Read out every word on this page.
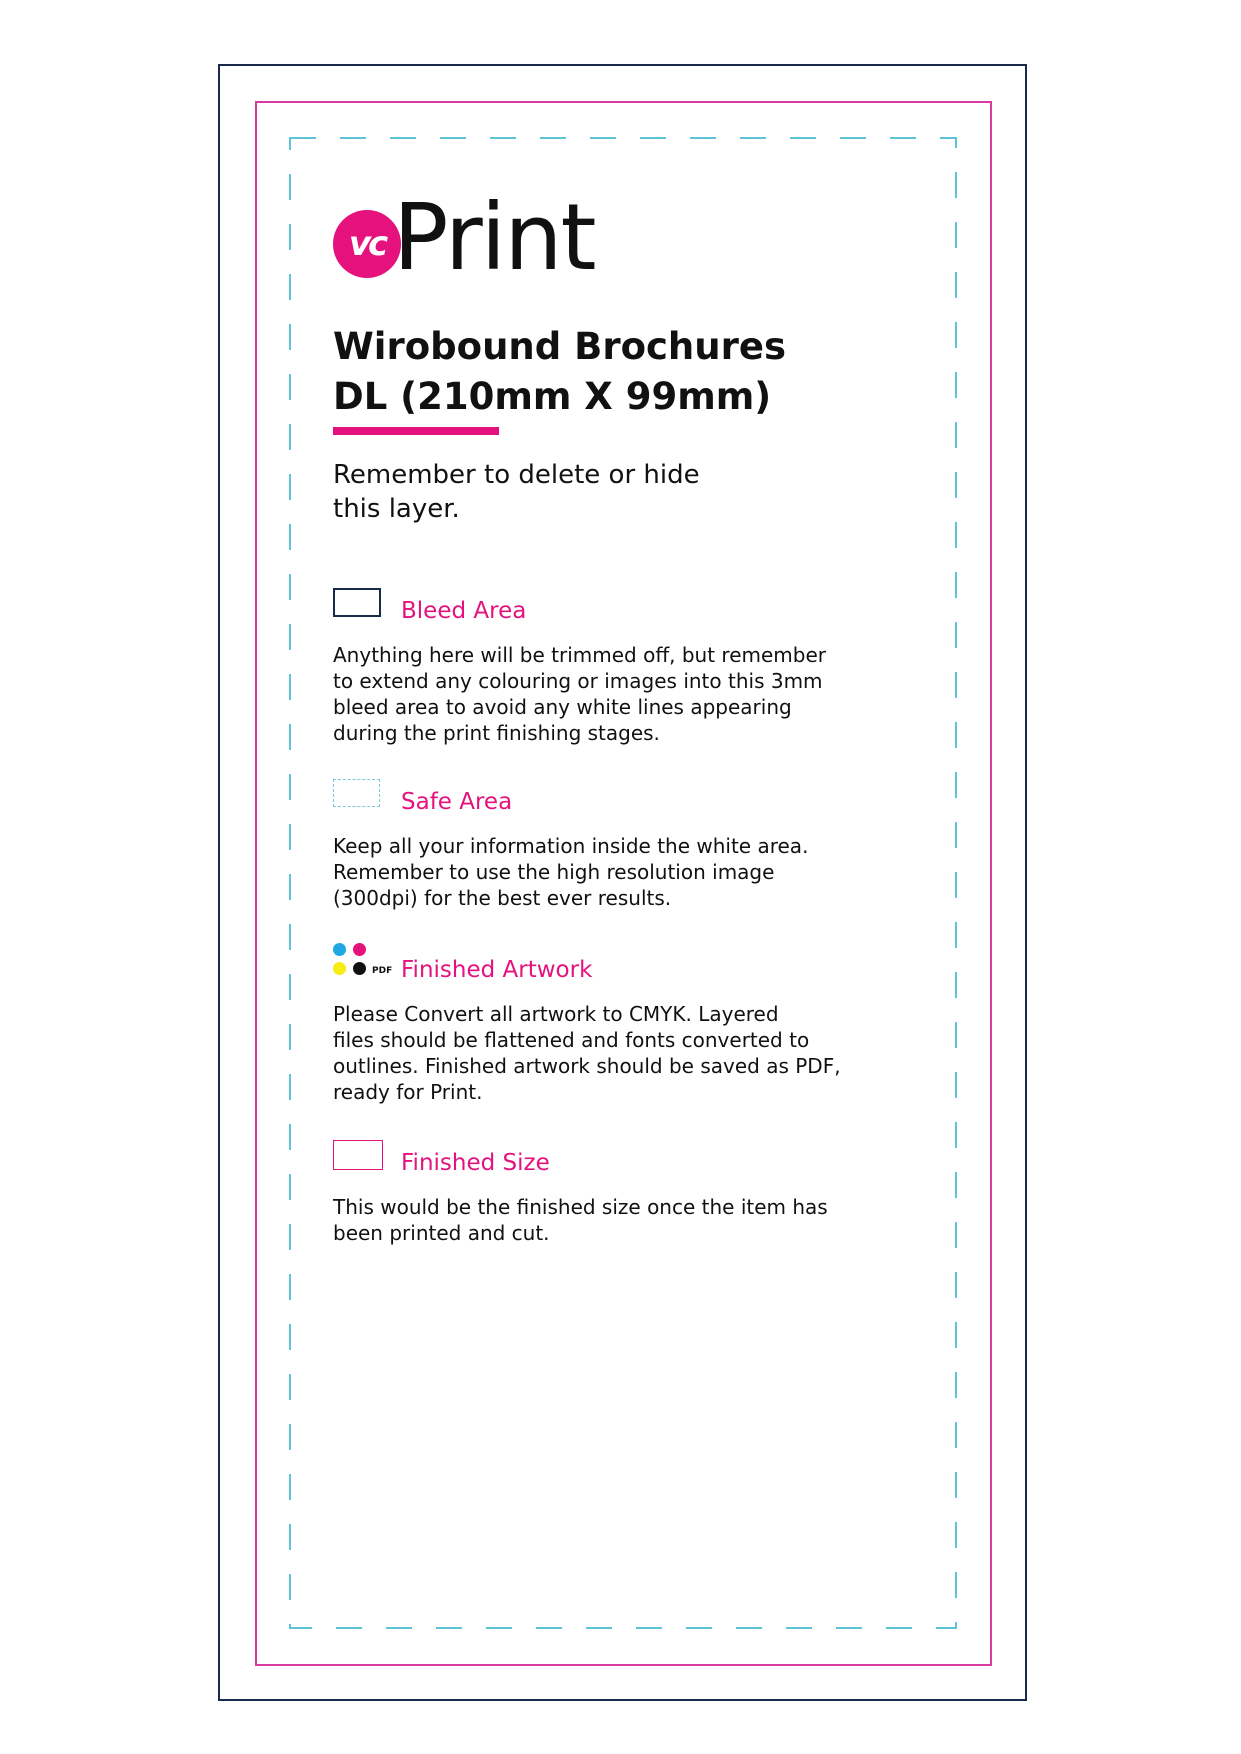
vc Print
Wirobound Brochures
DL (210mm X 99mm)
Remember to delete or hide
this layer.
Bleed Area
Anything here will be trimmed off, but remember
to extend any colouring or images into this 3mm
bleed area to avoid any white lines appearing
during the print finishing stages.
Safe Area
Keep all your information inside the white area.
Remember to use the high resolution image
(300dpi) for the best ever results.
PDF Finished Artwork
Please Convert all artwork to CMYK. Layered
files should be flattened and fonts converted to
outlines. Finished artwork should be saved as PDF,
ready for Print.
Finished Size
This would be the finished size once the item has
been printed and cut.
